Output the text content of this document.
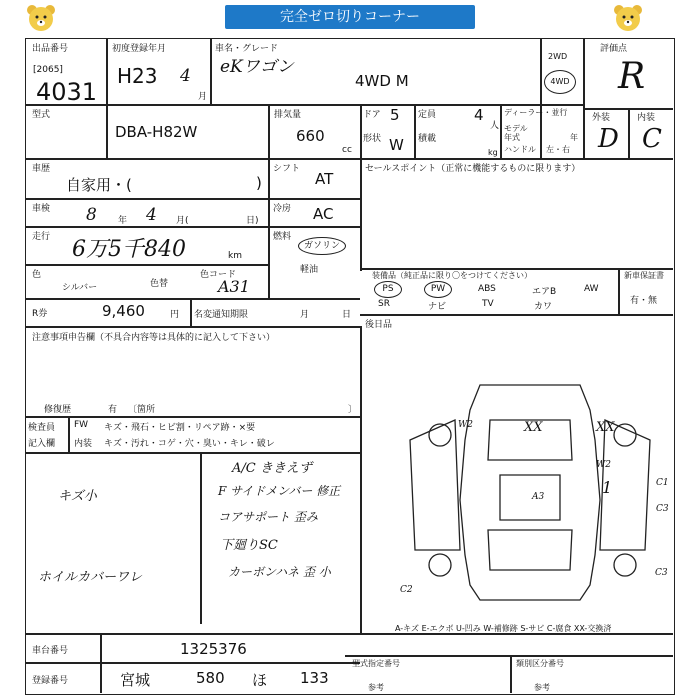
完全ゼロ切りコーナー
出品番号
[2065]
4031
初度登録年月
H23 4
月
車名・グレード
eKワゴン
4WD M
2WD
4WD
評価点
R
外装	内装
D C
型式
DBA-H82W
排気量
660
cc
ドア 5
形状 W
定員	4
人
積載
kg
ディーラー・並行
モデル
年式	年
ハンドル 左・右
車歴
自家用・(	)
シフト
AT
車検 8 年 4 月(	日)
冷房 AC
走行 6万5千840	km
燃料
ガソリン
軽油
色
シルバー	色替
色コード
A31
R券	9,460	円 名変通知期限	月	日
セールスポイント（正常に機能するものに限ります）
装備品（純正品に限り〇をつけてください）	新車保証書
有・無
PS	PW	ABS	エアB	AW
SR	ナビ	TV	カワ
後日品
注意事項申告欄（不具合内容等は具体的に記入して下さい）
修復歴	有 〔箇所	〕
検査員
記入欄
FW キズ・飛石・ヒビ割・リペア跡・×要
内装 キズ・汚れ・コゲ・穴・臭い・キレ・破レ
A/C ききえず
F サイドメンバー 修正
コアサポート 歪み
下廻りSC
カーボンハネ 歪 小
キズ小
ホイルカバーワレ
W2	XX	XX
W2
1
A3
C1
C3
C3
C2
A-キズ E-エクボ U-凹み W-補修跡 S-サビ C-腐食 XX-交換済
車台番号	1325376
登録番号	宮城	580 ほ 133
型式指定番号
参考
類別区分番号
参考
